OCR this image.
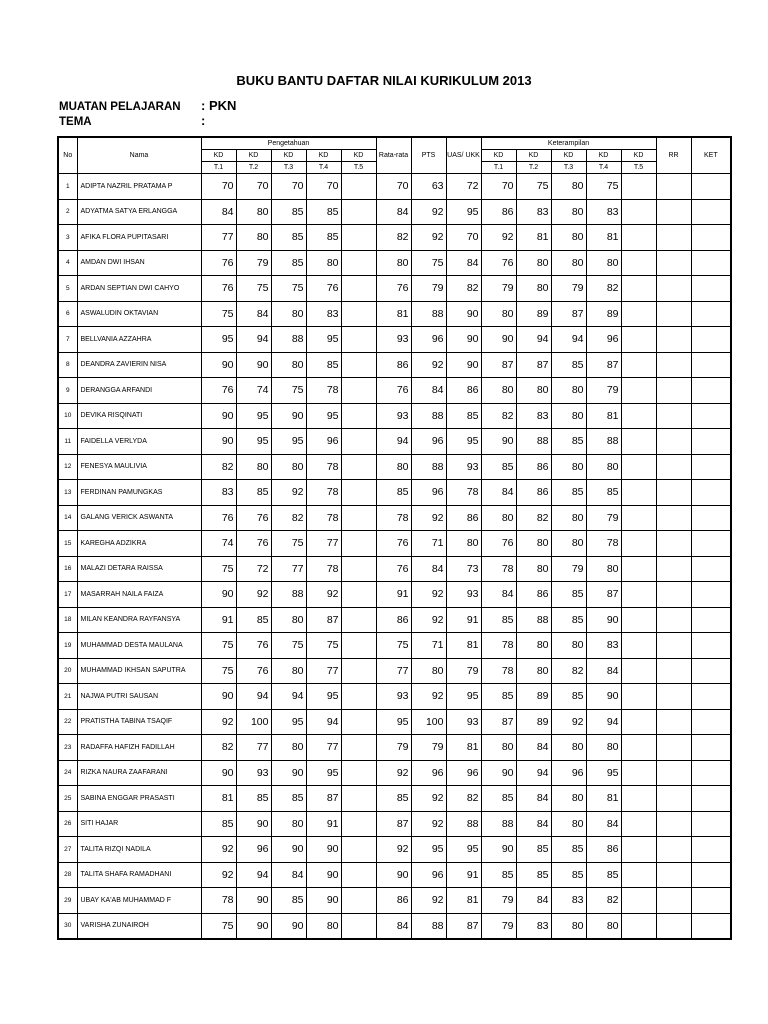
BUKU BANTU DAFTAR NILAI KURIKULUM 2013
MUATAN PELAJARAN : PKN
TEMA	:
No	Nama	Pengetahuan					Rata-rata	PTS	UAS/ UKK	Keterampilan					RR	KET
		KD	KD	KD	KD	KD				KD	KD	KD	KD	KD		
		T.1	T.2	T.3	T.4	T.5				T.1	T.2	T.3	T.4	T.5		
1	ADIPTA NAZRIL PRATAMA P	70	70	70	70		70	63	72	70	75	80	75			
2	ADYATMA SATYA ERLANGGA	84	80	85	85		84	92	95	86	83	80	83			
3	AFIKA FLORA PUPITASARI	77	80	85	85		82	92	70	92	81	80	81			
4	AMDAN DWI IHSAN	76	79	85	80		80	75	84	76	80	80	80			
5	ARDAN SEPTIAN DWI CAHYO	76	75	75	76		76	79	82	79	80	79	82			
6	ASWALUDIN OKTAVIAN	75	84	80	83		81	88	90	80	89	87	89			
7	BELLVANIA AZZAHRA	95	94	88	95		93	96	90	90	94	94	96			
8	DEANDRA ZAVIERIN NISA	90	90	80	85		86	92	90	87	87	85	87			
9	DERANGGA ARFANDI	76	74	75	78		76	84	86	80	80	80	79			
10	DEVIKA RISQINATI	90	95	90	95		93	88	85	82	83	80	81			
11	FAIDELLA VERLYDA	90	95	95	96		94	96	95	90	88	85	88			
12	FENESYA MAULIVIA	82	80	80	78		80	88	93	85	86	80	80			
13	FERDINAN PAMUNGKAS	83	85	92	78		85	96	78	84	86	85	85			
14	GALANG VERICK ASWANTA	76	76	82	78		78	92	86	80	82	80	79			
15	KAREGHA ADZIKRA	74	76	75	77		76	71	80	76	80	80	78			
16	MALAZI DETARA RAISSA	75	72	77	78		76	84	73	78	80	79	80			
17	MASARRAH NAILA FAIZA	90	92	88	92		91	92	93	84	86	85	87			
18	MILAN KEANDRA RAYFANSYA	91	85	80	87		86	92	91	85	88	85	90			
19	MUHAMMAD DESTA MAULANA	75	76	75	75		75	71	81	78	80	80	83			
20	MUHAMMAD IKHSAN SAPUTRA	75	76	80	77		77	80	79	78	80	82	84			
21	NAJWA PUTRI SAUSAN	90	94	94	95		93	92	95	85	89	85	90			
22	PRATISTHA TABINA TSAQIF	92	100	95	94		95	100	93	87	89	92	94			
23	RADAFFA HAFIZH FADILLAH	82	77	80	77		79	79	81	80	84	80	80			
24	RIZKA NAURA ZAAFARANI	90	93	90	95		92	96	96	90	94	96	95			
25	SABINA ENGGAR PRASASTI	81	85	85	87		85	92	82	85	84	80	81			
26	SITI HAJAR	85	90	80	91		87	92	88	88	84	80	84			
27	TALITA RIZQI NADILA	92	96	90	90		92	95	95	90	85	85	86			
28	TALITA SHAFA RAMADHANI	92	94	84	90		90	96	91	85	85	85	85			
29	UBAY KA'AB MUHAMMAD F	78	90	85	90		86	92	81	79	84	83	82			
30	VARISHA ZUNAIROH	75	90	90	80		84	88	87	79	83	80	80			
